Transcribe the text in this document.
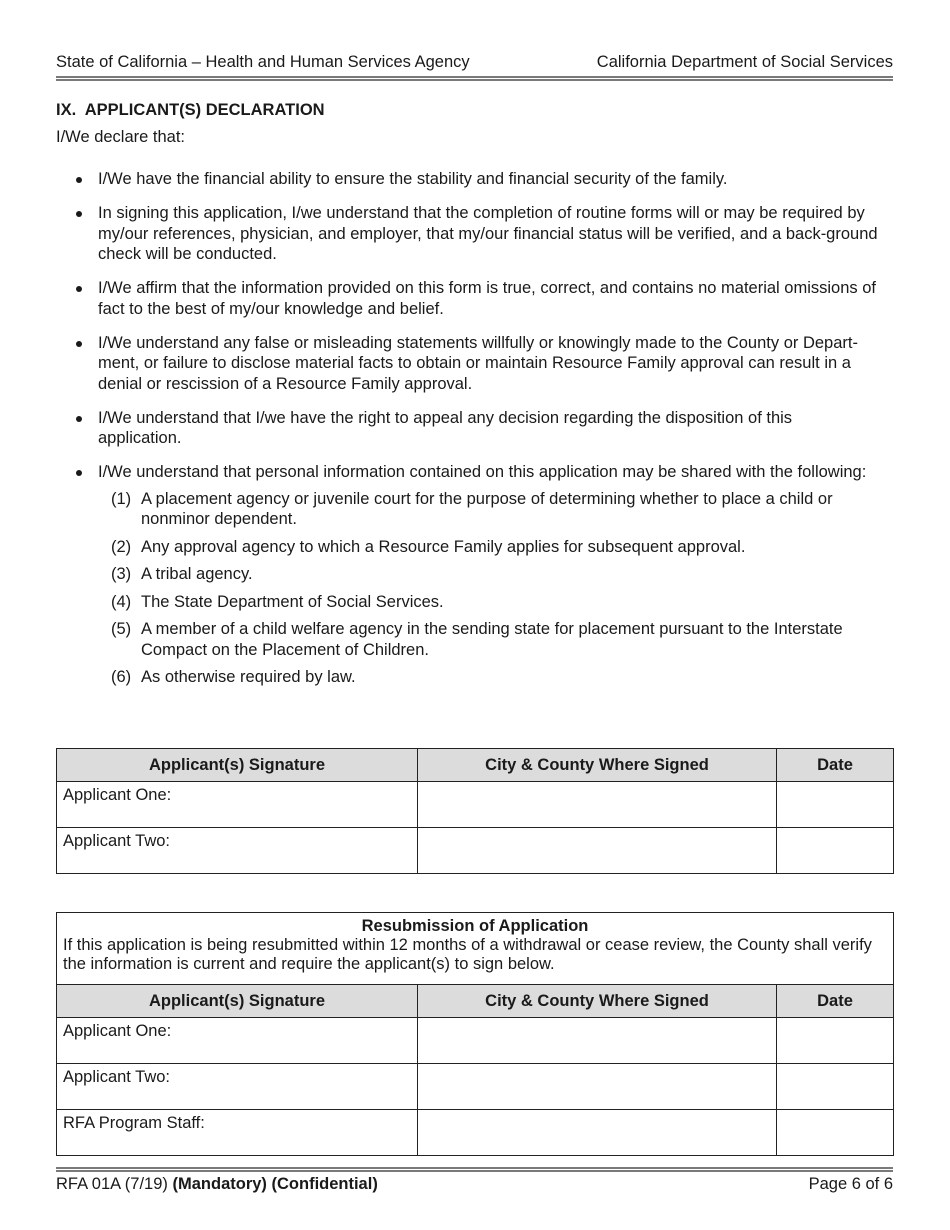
State of California – Health and Human Services Agency	California Department of Social Services
IX.  APPLICANT(S) DECLARATION
I/We declare that:
I/We have the financial ability to ensure the stability and financial security of the family.
In signing this application, I/we understand that the completion of routine forms will or may be required by my/our references, physician, and employer, that my/our financial status will be verified, and a back-ground check will be conducted.
I/We affirm that the information provided on this form is true, correct, and contains no material omissions of fact to the best of my/our knowledge and belief.
I/We understand any false or misleading statements willfully or knowingly made to the County or Depart-ment, or failure to disclose material facts to obtain or maintain Resource Family approval can result in a denial or rescission of a Resource Family approval.
I/We understand that I/we have the right to appeal any decision regarding the disposition of this application.
I/We understand that personal information contained on this application may be shared with the following:
(1) A placement agency or juvenile court for the purpose of determining whether to place a child or nonminor dependent.
(2) Any approval agency to which a Resource Family applies for subsequent approval.
(3) A tribal agency.
(4) The State Department of Social Services.
(5) A member of a child welfare agency in the sending state for placement pursuant to the Interstate Compact on the Placement of Children.
(6) As otherwise required by law.
Applicant(s) Signature	City & County Where Signed	Date
Applicant One:		
Applicant Two:		
Resubmission of Application
If this application is being resubmitted within 12 months of a withdrawal or cease review, the County shall verify the information is current and require the applicant(s) to sign below.		
Applicant(s) Signature	City & County Where Signed	Date
Applicant One:		
Applicant Two:		
RFA Program Staff:		
RFA 01A (7/19) (Mandatory) (Confidential)	Page 6 of 6
